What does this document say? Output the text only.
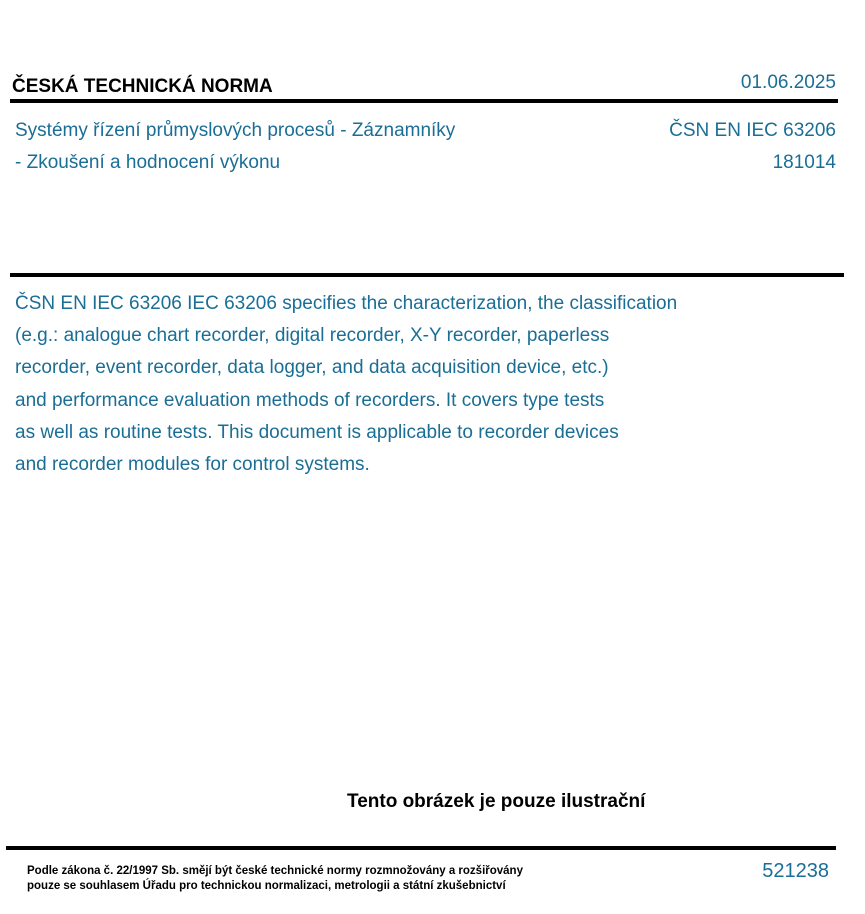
ČESKÁ TECHNICKÁ NORMA	01.06.2025
Systémy řízení průmyslových procesů - Záznamníky
- Zkoušení a hodnocení výkonu
ČSN EN IEC 63206
181014
ČSN EN IEC 63206 IEC 63206 specifies the characterization, the classification
(e.g.: analogue chart recorder, digital recorder, X-Y recorder, paperless
recorder, event recorder, data logger, and data acquisition device, etc.)
and performance evaluation methods of recorders. It covers type tests
as well as routine tests. This document is applicable to recorder devices
and recorder modules for control systems.
Tento obrázek je pouze ilustrační
Podle zákona č. 22/1997 Sb. smějí být české technické normy rozmnožovány a rozšiřovány
pouze se souhlasem Úřadu pro technickou normalizaci, metrologii a státní zkušebnictví
521238
